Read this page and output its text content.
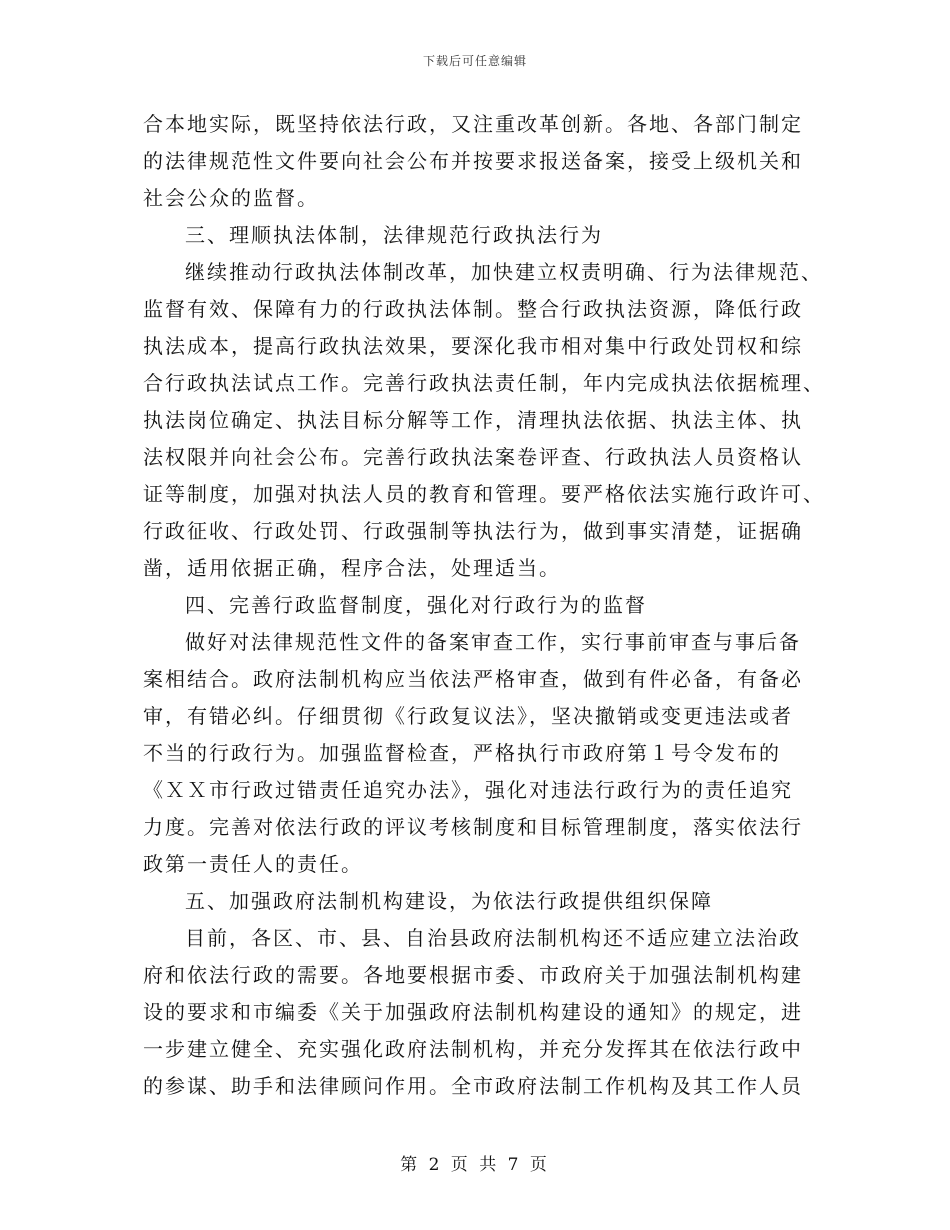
下载后可任意编辑
合本地实际，既坚持依法行政，又注重改革创新。各地、各部门制定
的法律规范性文件要向社会公布并按要求报送备案，接受上级机关和
社会公众的监督。
三、理顺执法体制，法律规范行政执法行为
继续推动行政执法体制改革，加快建立权责明确、行为法律规范、
监督有效、保障有力的行政执法体制。整合行政执法资源，降低行政
执法成本，提高行政执法效果，要深化我市相对集中行政处罚权和综
合行政执法试点工作。完善行政执法责任制，年内完成执法依据梳理、
执法岗位确定、执法目标分解等工作，清理执法依据、执法主体、执
法权限并向社会公布。完善行政执法案卷评查、行政执法人员资格认
证等制度，加强对执法人员的教育和管理。要严格依法实施行政许可、
行政征收、行政处罚、行政强制等执法行为，做到事实清楚，证据确
凿，适用依据正确，程序合法，处理适当。
四、完善行政监督制度，强化对行政行为的监督
做好对法律规范性文件的备案审查工作，实行事前审查与事后备
案相结合。政府法制机构应当依法严格审查，做到有件必备，有备必
审，有错必纠。仔细贯彻《行政复议法》，坚决撤销或变更违法或者
不当的行政行为。加强监督检查，严格执行市政府第１号令发布的
《ＸＸ市行政过错责任追究办法》，强化对违法行政行为的责任追究
力度。完善对依法行政的评议考核制度和目标管理制度，落实依法行
政第一责任人的责任。
五、加强政府法制机构建设，为依法行政提供组织保障
目前，各区、市、县、自治县政府法制机构还不适应建立法治政
府和依法行政的需要。各地要根据市委、市政府关于加强法制机构建
设的要求和市编委《关于加强政府法制机构建设的通知》的规定，进
一步建立健全、充实强化政府法制机构，并充分发挥其在依法行政中
的参谋、助手和法律顾问作用。全市政府法制工作机构及其工作人员
第 2 页 共 7 页
